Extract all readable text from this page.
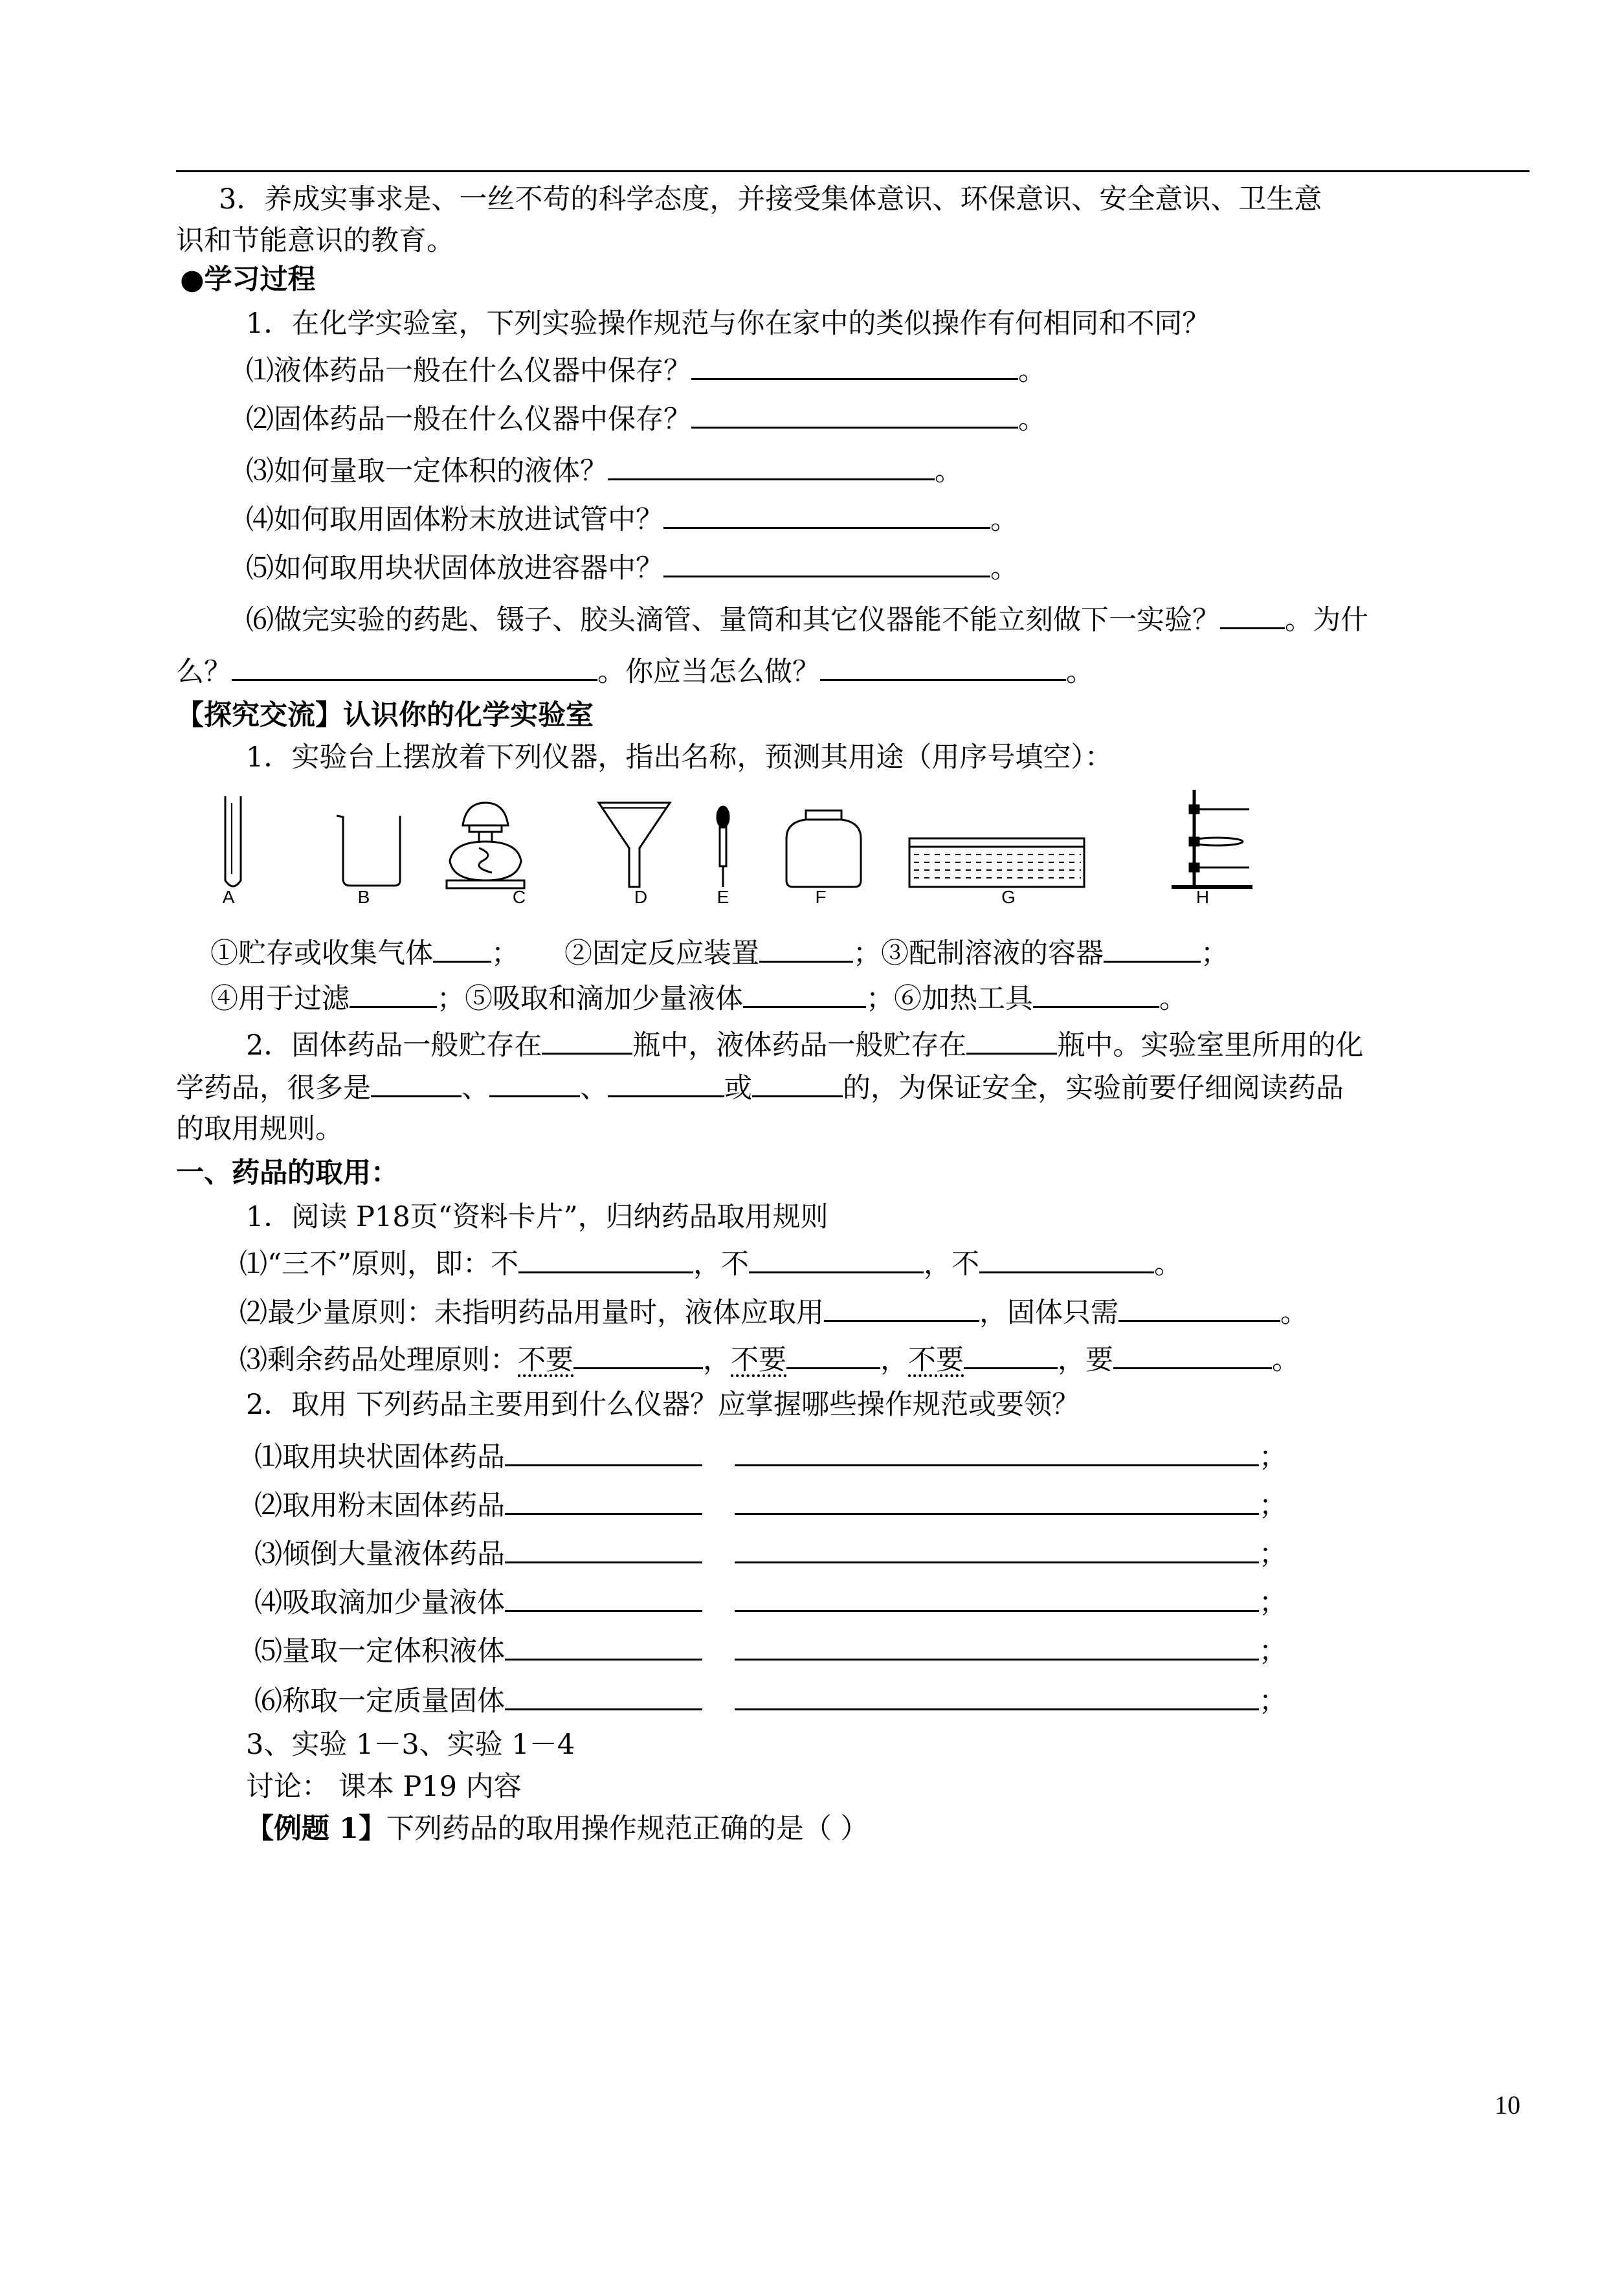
3．养成实事求是、一丝不苟的科学态度，并接受集体意识、环保意识、安全意识、卫生意
识和节能意识的教育。
●学习过程
1．在化学实验室，下列实验操作规范与你在家中的类似操作有何相同和不同？
⑴液体药品一般在什么仪器中保存？	。
⑵固体药品一般在什么仪器中保存？	。
⑶如何量取一定体积的液体？	。
⑷如何取用固体粉末放进试管中？	。
⑸如何取用块状固体放进容器中？	。
⑹做完实验的药匙、镊子、胶头滴管、量筒和其它仪器能不能立刻做下一实验？ 。为什
么？	。你应当怎么做？	。
【探究交流】认识你的化学实验室
1．实验台上摆放着下列仪器，指出名称，预测其用途（用序号填空）：
A	B	C	D	E	F	G	H
①贮存或收集气体 ； ②固定反应装置	；③配制溶液的容器	；
④用于过滤	；⑤吸取和滴加少量液体	；⑥加热工具	。
2．固体药品一般贮存在	瓶中，液体药品一般贮存在	瓶中。实验室里所用的化
学药品，很多是	、	、	或	的，为保证安全，实验前要仔细阅读药品
的取用规则。
一、药品的取用：
1．阅读 P18页“资料卡片”，归纳药品取用规则
⑴“三不”原则，即：不	，不	，不	。
⑵最少量原则：未指明药品用量时，液体应取用	，固体只需	。
⑶剩余药品处理原则：不要	，不要	，不要	，要	。
2．取用 下列药品主要用到什么仪器？应掌握哪些操作规范或要领？
⑴取用块状固体药品	；
⑵取用粉末固体药品	；
⑶倾倒大量液体药品	；
⑷吸取滴加少量液体	；
⑸量取一定体积液体	；
⑹称取一定质量固体	；
3、实验 1－3、实验 1－4
讨论： 课本 P19 内容
【例题 1】下列药品的取用操作规范正确的是（ ）
10
